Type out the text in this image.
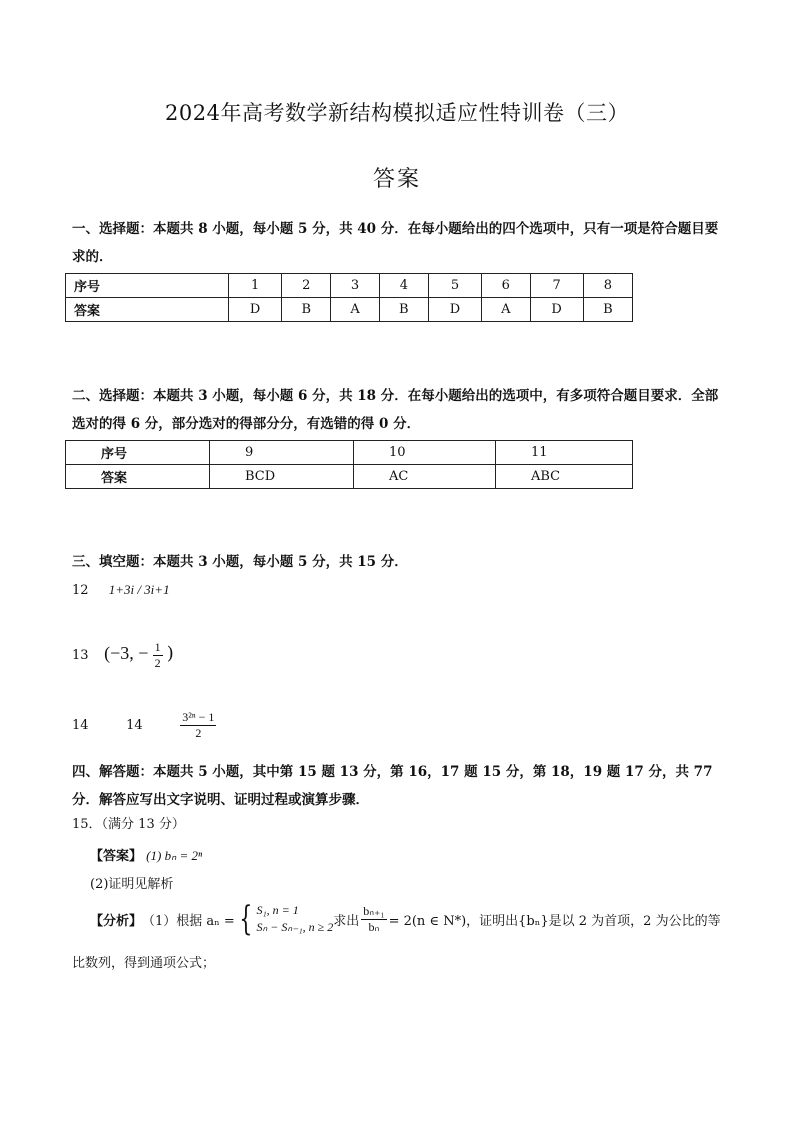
2024年高考数学新结构模拟适应性特训卷（三）
答案
一、选择题：本题共 8 小题，每小题 5 分，共 40 分．在每小题给出的四个选项中，只有一项是符合题目要求的．
序号	1	2	3	4	5	6	7	8
答案	D	B	A	B	D	A	D	B
二、选择题：本题共 3 小题，每小题 6 分，共 18 分．在每小题给出的选项中，有多项符合题目要求．全部选对的得 6 分，部分选对的得部分分，有选错的得 0 分．
序号	9	10	11
答案	BCD	AC	ABC
三、填空题：本题共 3 小题，每小题 5 分，共 15 分．
12 1+3i / 3i+1
13 (−3, − $\frac{1}{2}$ )
14	14	$\frac{\text{3²ⁿ − 1}}{2}$
四、解答题：本题共 5 小题，其中第 15 题 13 分，第 16，17 题 15 分，第 18，19 题 17 分，共 77 分．解答应写出文字说明、证明过程或演算步骤．
15．（满分 13 分）
【答案】 (1) bₙ = 2ⁿ
(2)证明见解析
【分析】 （1）根据 aₙ = { S₁, n = 1
Sₙ − Sₙ₋₁, n ≥ 2 求出 $\frac{\text{bₙ₊₁}}{\text{bₙ}} = 2(n$ ∈ N*)，证明出{bₙ}是以 2 为首项，2 为公比的等
比数列，得到通项公式；
